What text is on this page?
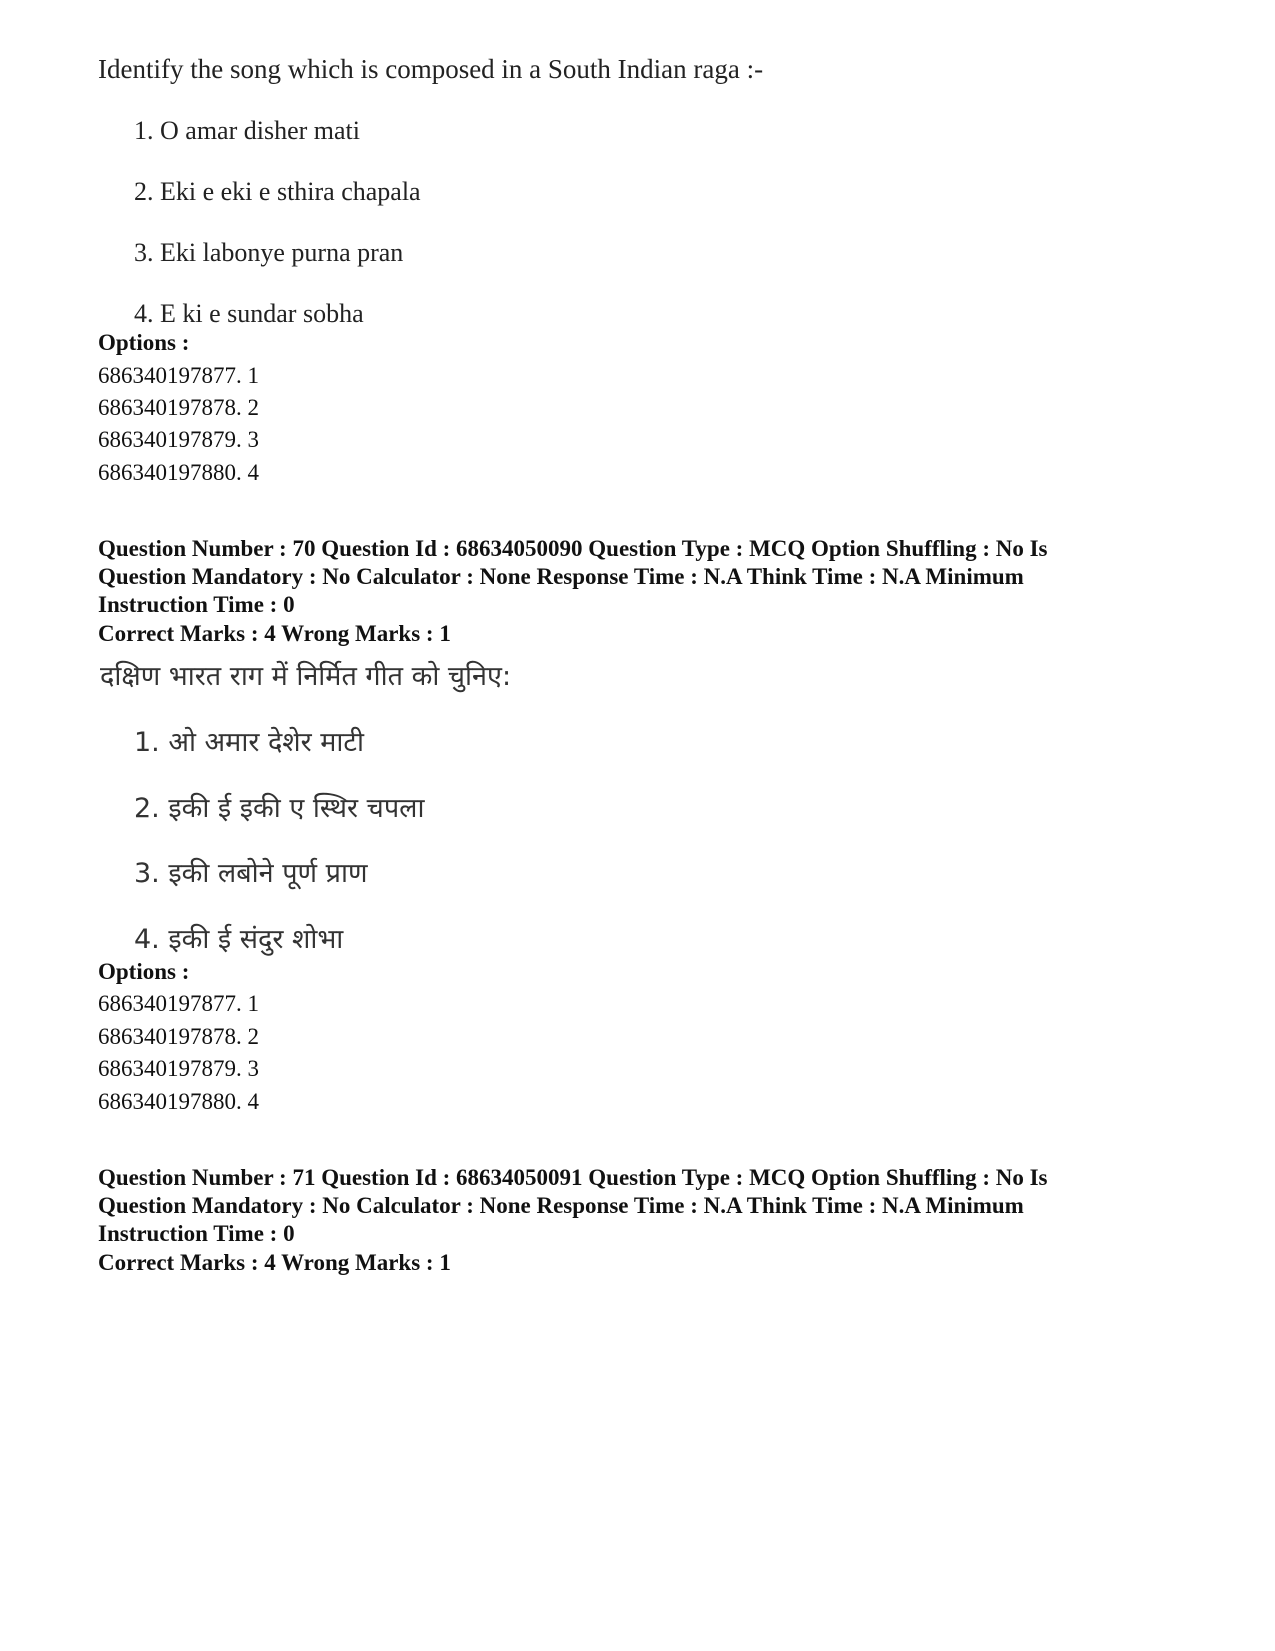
Identify the song which is composed in a South Indian raga :-
1. O amar disher mati
2. Eki e eki e sthira chapala
3. Eki labonye purna pran
4. E ki e sundar sobha
Options :
686340197877. 1
686340197878. 2
686340197879. 3
686340197880. 4
Question Number : 70 Question Id : 68634050090 Question Type : MCQ Option Shuffling : No Is
Question Mandatory : No Calculator : None Response Time : N.A Think Time : N.A Minimum
Instruction Time : 0
Correct Marks : 4 Wrong Marks : 1
दक्षिण भारत राग में निर्मित गीत को चुनिए:
1. ओ अमार देशेर माटी
2. इकी ई इकी ए स्थिर चपला
3. इकी लबोने पूर्ण प्राण
4. इकी ई संदुर शोभा
Options :
686340197877. 1
686340197878. 2
686340197879. 3
686340197880. 4
Question Number : 71 Question Id : 68634050091 Question Type : MCQ Option Shuffling : No Is
Question Mandatory : No Calculator : None Response Time : N.A Think Time : N.A Minimum
Instruction Time : 0
Correct Marks : 4 Wrong Marks : 1
